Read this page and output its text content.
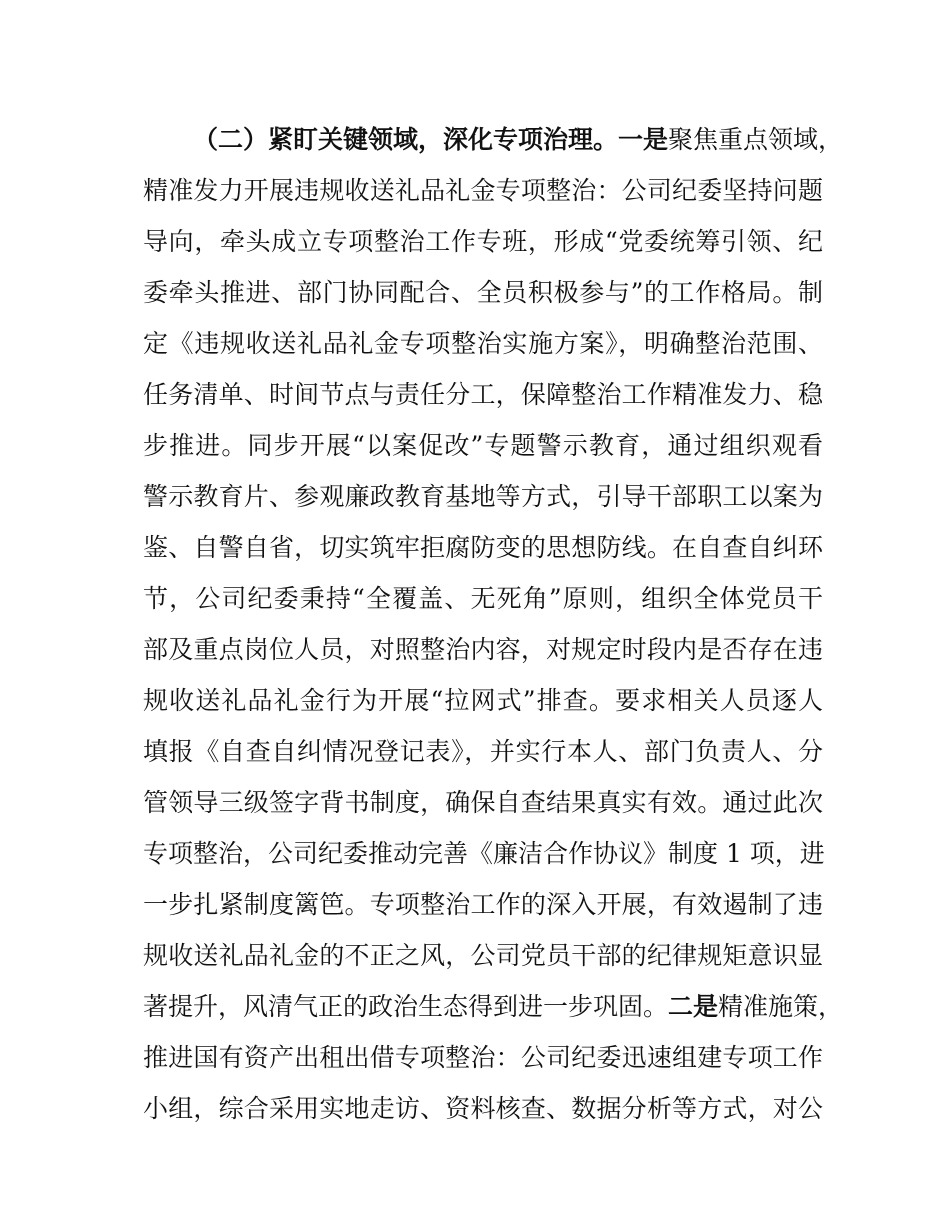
（二）紧盯关键领域，深化专项治理。一是聚焦重点领域，
精准发力开展违规收送礼品礼金专项整治：公司纪委坚持问题
导向，牵头成立专项整治工作专班，形成“党委统筹引领、纪
委牵头推进、部门协同配合、全员积极参与”的工作格局。制
定《违规收送礼品礼金专项整治实施方案》，明确整治范围、
任务清单、时间节点与责任分工，保障整治工作精准发力、稳
步推进。同步开展“以案促改”专题警示教育，通过组织观看
警示教育片、参观廉政教育基地等方式，引导干部职工以案为
鉴、自警自省，切实筑牢拒腐防变的思想防线。在自查自纠环
节，公司纪委秉持“全覆盖、无死角”原则，组织全体党员干
部及重点岗位人员，对照整治内容，对规定时段内是否存在违
规收送礼品礼金行为开展“拉网式”排查。要求相关人员逐人
填报《自查自纠情况登记表》，并实行本人、部门负责人、分
管领导三级签字背书制度，确保自查结果真实有效。通过此次
专项整治，公司纪委推动完善《廉洁合作协议》制度 1 项，进
一步扎紧制度篱笆。专项整治工作的深入开展，有效遏制了违
规收送礼品礼金的不正之风，公司党员干部的纪律规矩意识显
著提升，风清气正的政治生态得到进一步巩固。二是精准施策，
推进国有资产出租出借专项整治：公司纪委迅速组建专项工作
小组，综合采用实地走访、资料核查、数据分析等方式，对公
